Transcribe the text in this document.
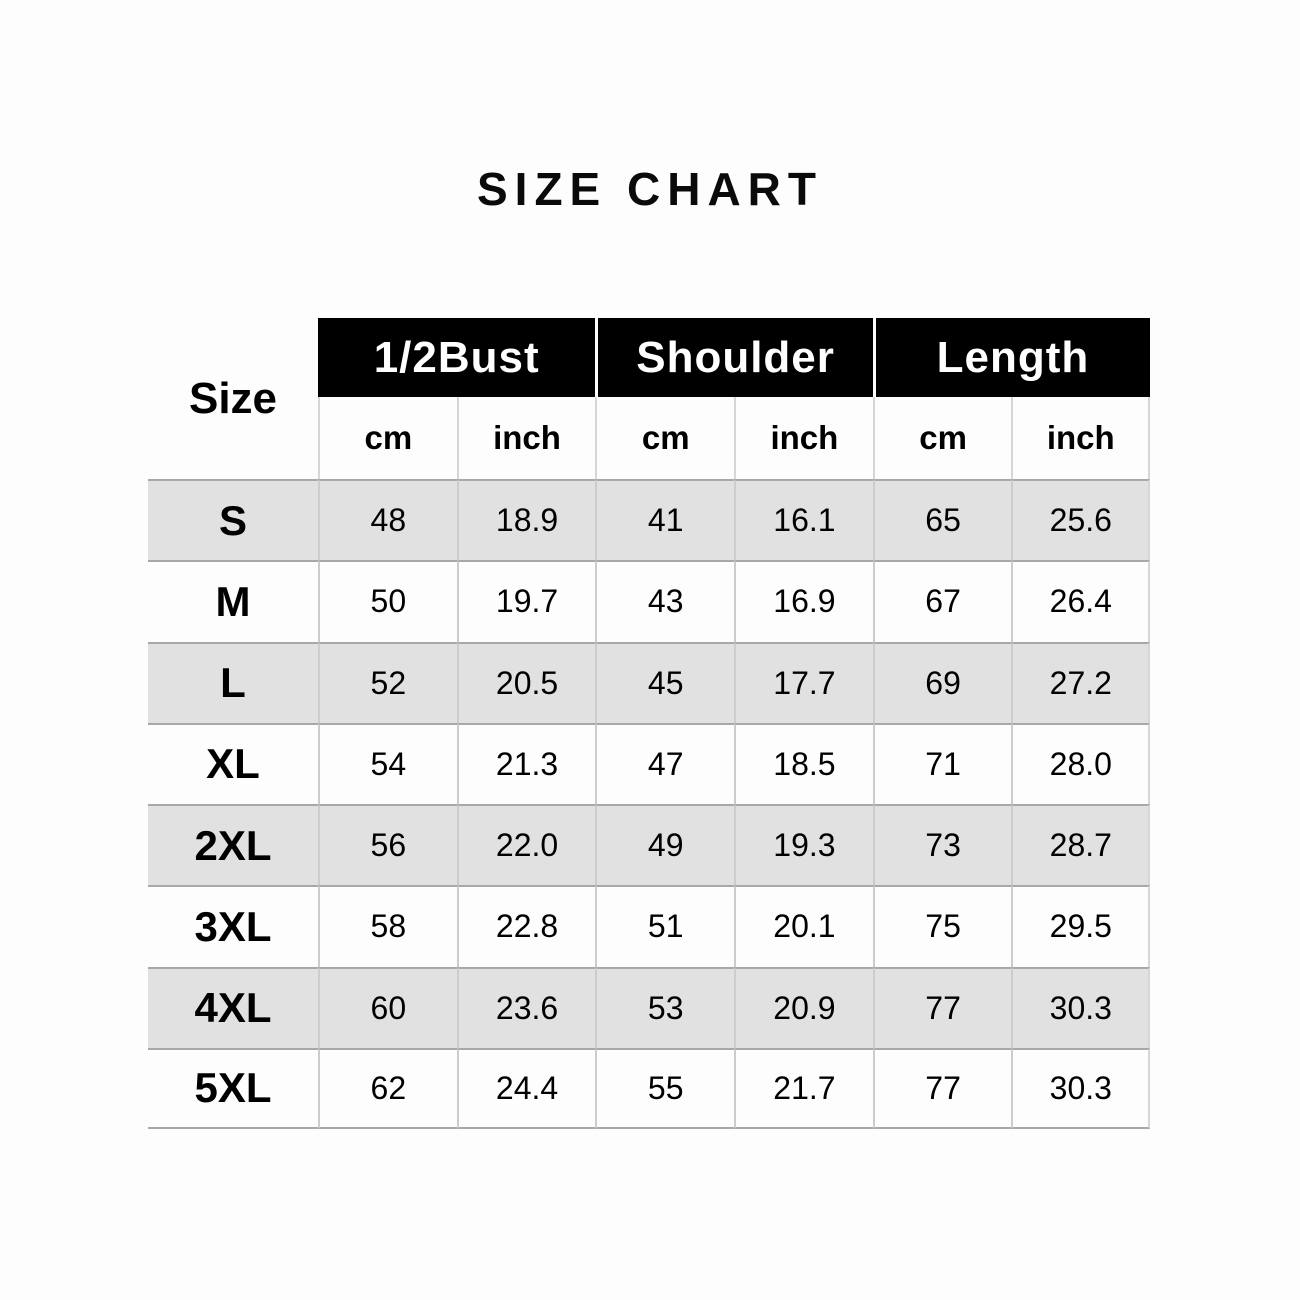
SIZE CHART
Size
1/2Bust	Shoulder	Length
cm	inch	cm	inch	cm	inch
S	48	18.9	41	16.1	65	25.6
M	50	19.7	43	16.9	67	26.4
L	52	20.5	45	17.7	69	27.2
XL	54	21.3	47	18.5	71	28.0
2XL	56	22.0	49	19.3	73	28.7
3XL	58	22.8	51	20.1	75	29.5
4XL	60	23.6	53	20.9	77	30.3
5XL	62	24.4	55	21.7	77	30.3
